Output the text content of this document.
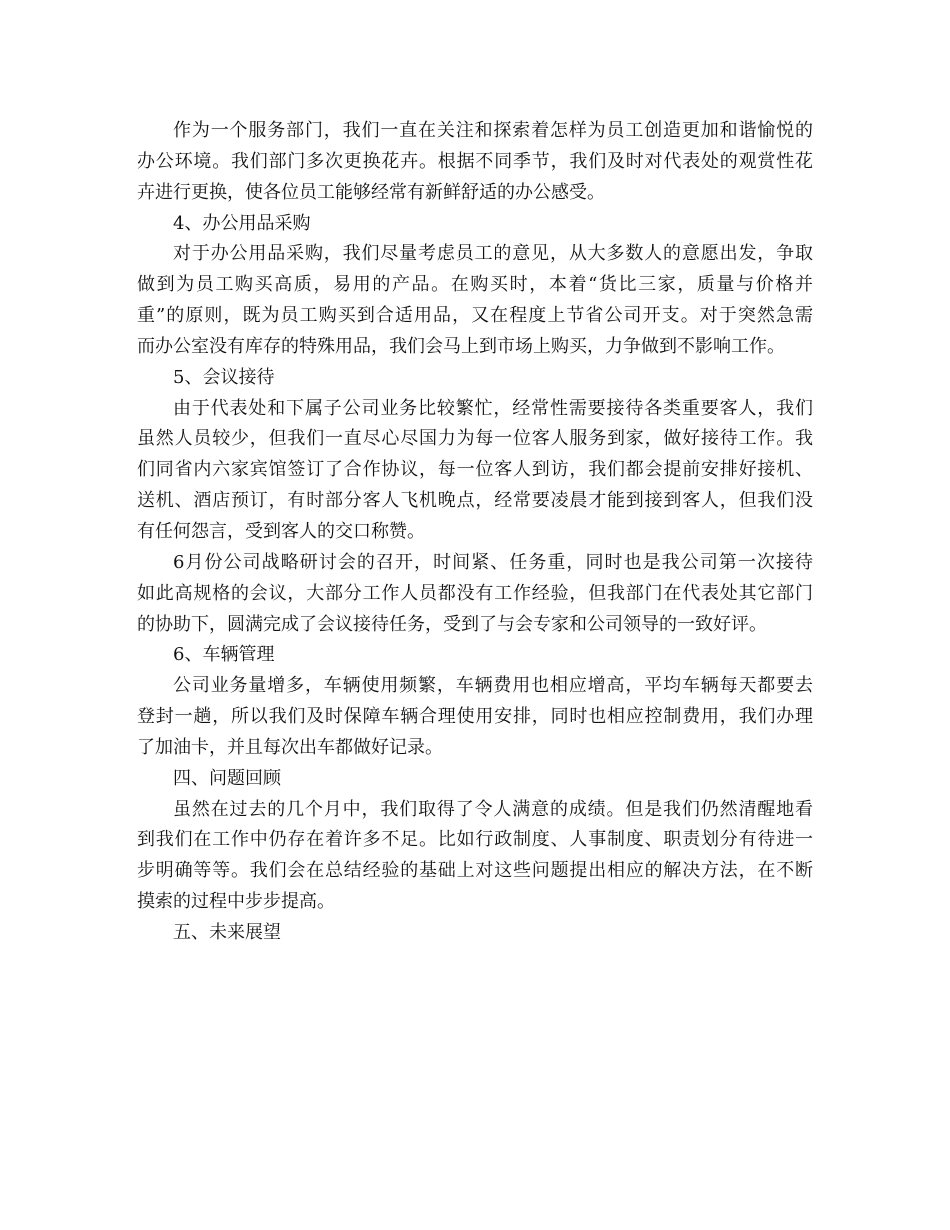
作为一个服务部门，我们一直在关注和探索着怎样为员工创造更加和谐愉悦的
办公环境。我们部门多次更换花卉。根据不同季节，我们及时对代表处的观赏性花
卉进行更换，使各位员工能够经常有新鲜舒适的办公感受。
4、办公用品采购
对于办公用品采购，我们尽量考虑员工的意见，从大多数人的意愿出发，争取
做到为员工购买高质，易用的产品。在购买时，本着“货比三家，质量与价格并
重”的原则，既为员工购买到合适用品，又在程度上节省公司开支。对于突然急需
而办公室没有库存的特殊用品，我们会马上到市场上购买，力争做到不影响工作。
5、会议接待
由于代表处和下属子公司业务比较繁忙，经常性需要接待各类重要客人，我们
虽然人员较少，但我们一直尽心尽国力为每一位客人服务到家，做好接待工作。我
们同省内六家宾馆签订了合作协议，每一位客人到访，我们都会提前安排好接机、
送机、酒店预订，有时部分客人飞机晚点，经常要凌晨才能到接到客人，但我们没
有任何怨言，受到客人的交口称赞。
6月份公司战略研讨会的召开，时间紧、任务重，同时也是我公司第一次接待
如此高规格的会议，大部分工作人员都没有工作经验，但我部门在代表处其它部门
的协助下，圆满完成了会议接待任务，受到了与会专家和公司领导的一致好评。
6、车辆管理
公司业务量增多，车辆使用频繁，车辆费用也相应增高，平均车辆每天都要去
登封一趟，所以我们及时保障车辆合理使用安排，同时也相应控制费用，我们办理
了加油卡，并且每次出车都做好记录。
四、问题回顾
虽然在过去的几个月中，我们取得了令人满意的成绩。但是我们仍然清醒地看
到我们在工作中仍存在着许多不足。比如行政制度、人事制度、职责划分有待进一
步明确等等。我们会在总结经验的基础上对这些问题提出相应的解决方法，在不断
摸索的过程中步步提高。
五、未来展望
